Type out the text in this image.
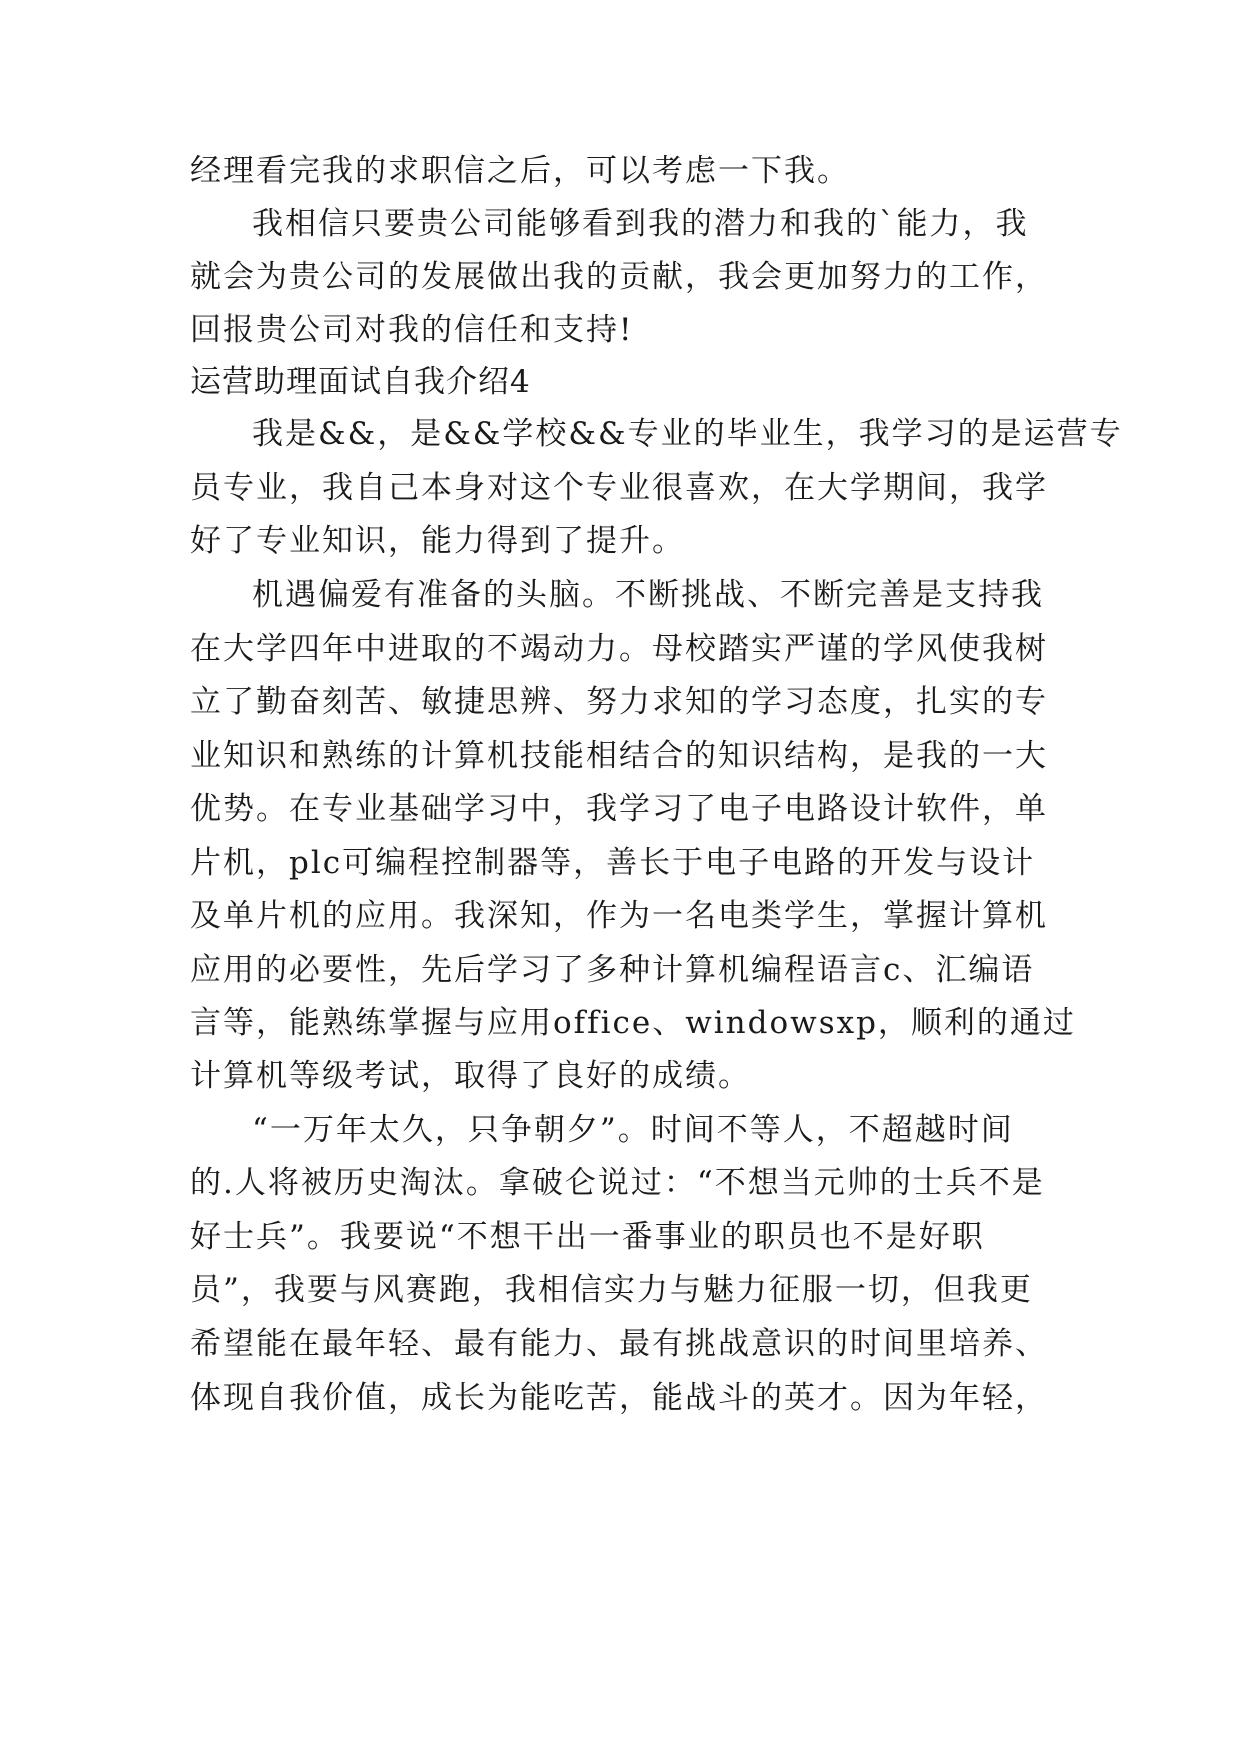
经理看完我的求职信之后，可以考虑一下我。
我相信只要贵公司能够看到我的潜力和我的`能力，我
就会为贵公司的发展做出我的贡献，我会更加努力的工作，
回报贵公司对我的信任和支持!
运营助理面试自我介绍4
我是&&，是&&学校&&专业的毕业生，我学习的是运营专
员专业，我自己本身对这个专业很喜欢，在大学期间，我学
好了专业知识，能力得到了提升。
机遇偏爱有准备的头脑。不断挑战、不断完善是支持我
在大学四年中进取的不竭动力。母校踏实严谨的学风使我树
立了勤奋刻苦、敏捷思辨、努力求知的学习态度，扎实的专
业知识和熟练的计算机技能相结合的知识结构，是我的一大
优势。在专业基础学习中，我学习了电子电路设计软件，单
片机，plc可编程控制器等，善长于电子电路的开发与设计
及单片机的应用。我深知，作为一名电类学生，掌握计算机
应用的必要性，先后学习了多种计算机编程语言c、汇编语
言等，能熟练掌握与应用office、windowsxp，顺利的通过
计算机等级考试，取得了良好的成绩。
“一万年太久，只争朝夕”。时间不等人，不超越时间
的.人将被历史淘汰。拿破仑说过：“不想当元帅的士兵不是
好士兵”。我要说“不想干出一番事业的职员也不是好职
员”，我要与风赛跑，我相信实力与魅力征服一切，但我更
希望能在最年轻、最有能力、最有挑战意识的时间里培养、
体现自我价值，成长为能吃苦，能战斗的英才。因为年轻，
